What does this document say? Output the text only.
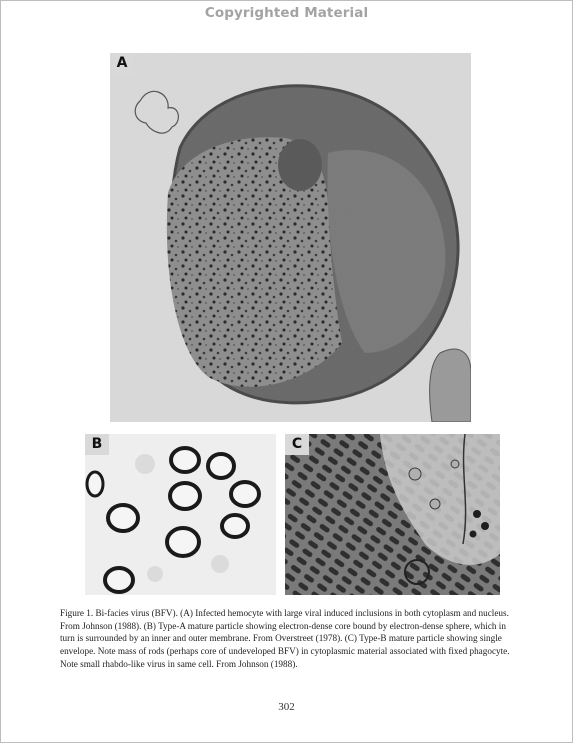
Copyrighted Material
A
B	C
Figure 1. Bi-facies virus (BFV). (A) Infected hemocyte with large viral induced inclusions in both cytoplasm and nucleus. From Johnson (1988). (B) Type-A mature particle showing electron-dense core bound by electron-dense sphere, which in turn is surrounded by an inner and outer membrane. From Overstreet (1978). (C) Type-B mature particle showing single envelope. Note mass of rods (perhaps core of undeveloped BFV) in cytoplasmic material associated with fixed phagocyte. Note small rhabdo-like virus in same cell. From Johnson (1988).
302
